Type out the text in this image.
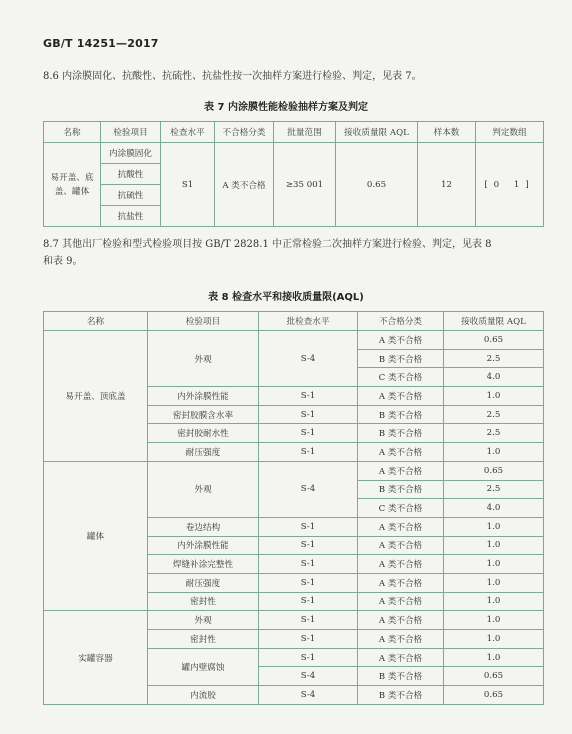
GB/T 14251—2017
8.6 内涂膜固化、抗酸性、抗硫性、抗盐性按一次抽样方案进行检验、判定，见表 7。
表 7 内涂膜性能检验抽样方案及判定
名称	检验项目	检查水平	不合格分类	批量范围	接收质量限 AQL	样本数	判定数组

易开盖、底
盖、罐体	内涂膜固化	S1	A 类不合格	≥35 001	0.65	12	[0 1]
	抗酸性						
	抗硫性						
	抗盐性						
8.7 其他出厂检验和型式检验项目按 GB/T 2828.1 中正常检验二次抽样方案进行检验、判定，见表 8
和表 9。
表 8 检查水平和接收质量限(AQL)
名称	检验项目	批检查水平	不合格分类	接收质量限 AQL
易开盖、顶底盖	外观	S-4	A 类不合格	0.65
			B 类不合格	2.5
			C 类不合格	4.0
	内外涂膜性能	S-1	A 类不合格	1.0
	密封胶膜含水率	S-1	B 类不合格	2.5
	密封胶耐水性	S-1	B 类不合格	2.5
	耐压强度	S-1	A 类不合格	1.0
罐体	外观	S-4	A 类不合格	0.65
			B 类不合格	2.5
			C 类不合格	4.0
	卷边结构	S-1	A 类不合格	1.0
	内外涂膜性能	S-1	A 类不合格	1.0
	焊缝补涂完整性	S-1	A 类不合格	1.0
	耐压强度	S-1	A 类不合格	1.0
	密封性	S-1	A 类不合格	1.0
实罐容器	外观	S-1	A 类不合格	1.0
	密封性	S-1	A 类不合格	1.0
	罐内壁腐蚀	S-1	A 类不合格	1.0
		S-4	B 类不合格	0.65
	内流胶	S-4	B 类不合格	0.65
